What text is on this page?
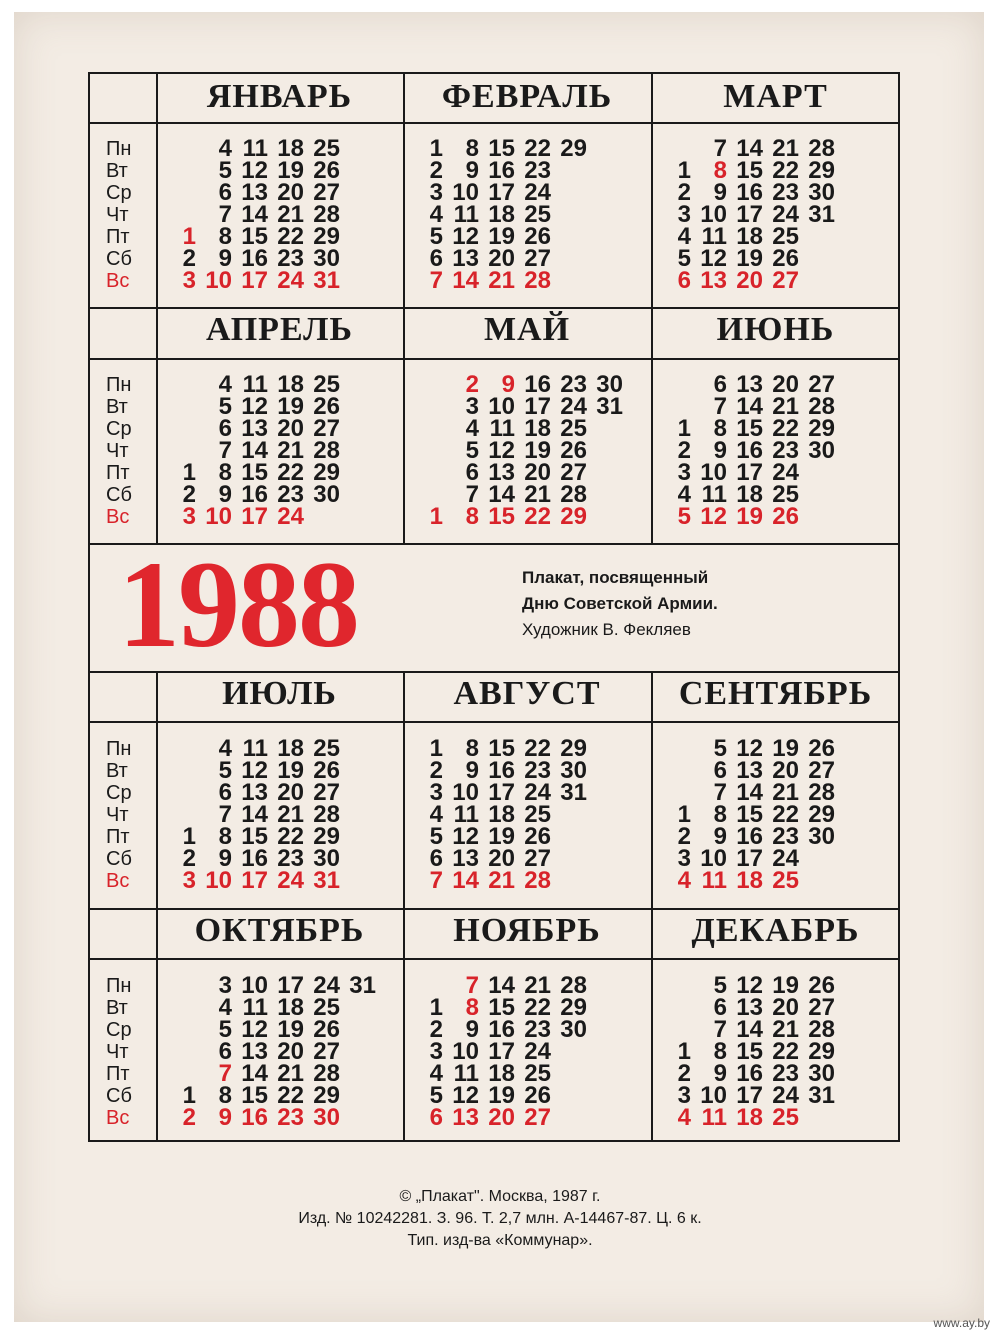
ЯНВАРЬ
Пн
Вт
Ср
Чт
Пт
Сб
Вс
1
2
3
4
5
6
7
8
9
10
11
12
13
14
15
16
17
18
19
20
21
22
23
24
25
26
27
28
29
30
31
ФЕВРАЛЬ
1
2
3
4
5
6
7
8
9
10
11
12
13
14
15
16
17
18
19
20
21
22
23
24
25
26
27
28
29
МАРТ
1
2
3
4
5
6
7
8
9
10
11
12
13
14
15
16
17
18
19
20
21
22
23
24
25
26
27
28
29
30
31
АПРЕЛЬ
Пн
Вт
Ср
Чт
Пт
Сб
Вс
1
2
3
4
5
6
7
8
9
10
11
12
13
14
15
16
17
18
19
20
21
22
23
24
25
26
27
28
29
30
МАЙ
1
2
3
4
5
6
7
8
9
10
11
12
13
14
15
16
17
18
19
20
21
22
23
24
25
26
27
28
29
30
31
ИЮНЬ
1
2
3
4
5
6
7
8
9
10
11
12
13
14
15
16
17
18
19
20
21
22
23
24
25
26
27
28
29
30
ИЮЛЬ
Пн
Вт
Ср
Чт
Пт
Сб
Вс
1
2
3
4
5
6
7
8
9
10
11
12
13
14
15
16
17
18
19
20
21
22
23
24
25
26
27
28
29
30
31
АВГУСТ
1
2
3
4
5
6
7
8
9
10
11
12
13
14
15
16
17
18
19
20
21
22
23
24
25
26
27
28
29
30
31
СЕНТЯБРЬ
1
2
3
4
5
6
7
8
9
10
11
12
13
14
15
16
17
18
19
20
21
22
23
24
25
26
27
28
29
30
ОКТЯБРЬ
Пн
Вт
Ср
Чт
Пт
Сб
Вс
1
2
3
4
5
6
7
8
9
10
11
12
13
14
15
16
17
18
19
20
21
22
23
24
25
26
27
28
29
30
31
НОЯБРЬ
1
2
3
4
5
6
7
8
9
10
11
12
13
14
15
16
17
18
19
20
21
22
23
24
25
26
27
28
29
30
ДЕКАБРЬ
1
2
3
4
5
6
7
8
9
10
11
12
13
14
15
16
17
18
19
20
21
22
23
24
25
26
27
28
29
30
31
1988	Плакат, посвященный
Дню Советской Армии.
Художник В. Фекляев
© „Плакат". Москва, 1987 г.
Изд. № 10242281. З. 96. Т. 2,7 млн. А-14467-87. Ц. 6 к.
Тип. изд-ва «Коммунар».
www.ay.by
